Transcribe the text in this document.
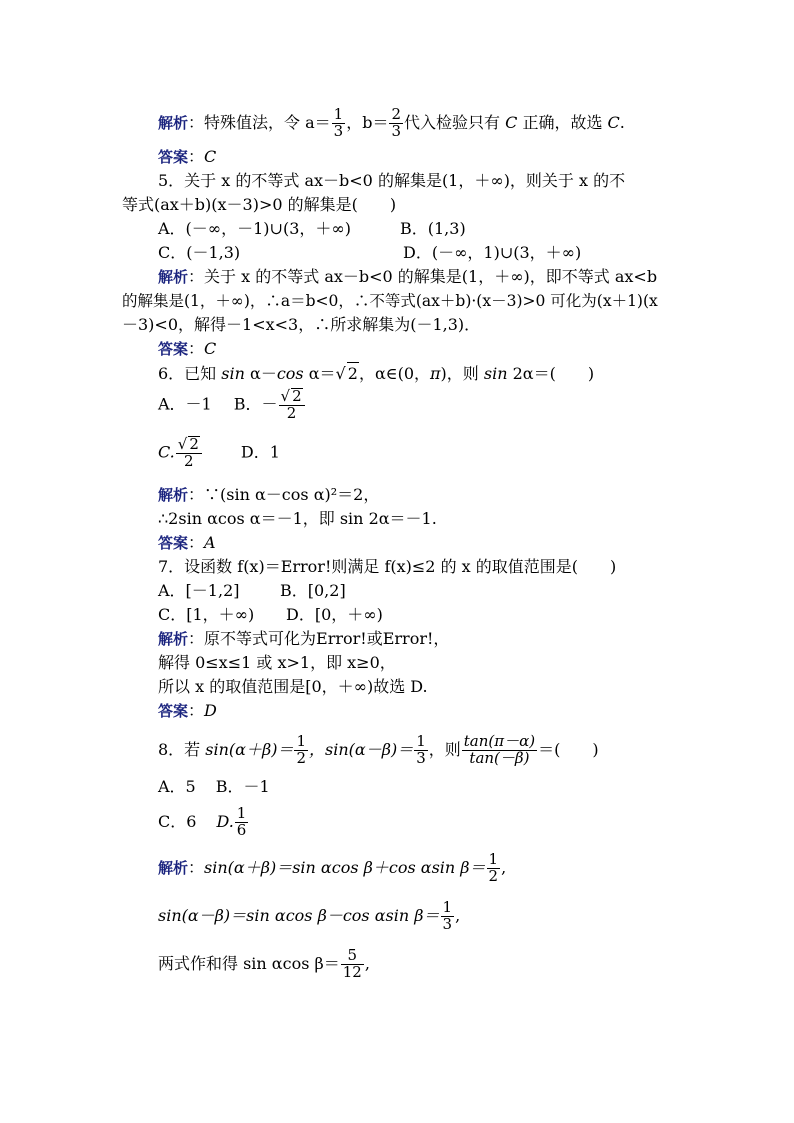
解析：特殊值法，令 $a= \frac{1}{3}$ ，$b= \frac{2}{3}$ 代入检验只有 C 正确，故选 C.
答案：C
5．关于 x 的不等式 ax－b<0 的解集是(1，＋∞)，则关于 x 的不
等式(ax＋b)(x－3)>0 的解集是(　　)
A．(－∞，－1)∪(3，＋∞)	B．(1,3)
C．(－1,3)	D．(－∞，1)∪(3，＋∞)
解析：关于 x 的不等式 ax－b<0 的解集是(1，＋∞)，即不等式 ax<b
的解集是(1，＋∞)，∴a＝b<0，∴不等式(ax＋b)·(x－3)>0 可化为(x＋1)(x
－3)<0，解得－1<x<3，∴所求解集为(－1,3)．
答案：C
6．已知 sin α－cos α＝√ 2，α∈(0，π)，则 sin 2α＝(　　)
A．－1 B．－ $\frac{√ 2}{2}$
C. $\frac{√ 2}{2}$ D．1
解析：∵(sin α－cos α)²＝2，
∴2sin αcos α＝－1，即 sin 2α＝－1.
答案：A
7．设函数 f(x)＝Error!则满足 f(x)≤2 的 x 的取值范围是(　　)
A．[－1,2]	B．[0,2]
C．[1，＋∞) D．[0，＋∞)
解析：原不等式可化为Error!或Error!，
解得 0≤x≤1 或 x>1，即 x≥0，
所以 x 的取值范围是[0，＋∞)故选 D.
答案：D
8．若 $\sin(\alpha+\beta)= \frac{1}{2}$ ，$\sin(\alpha-\beta)= \frac{1}{3}$ ，则 $\frac{\tan(\pi-\alpha)}{\tan(-\beta)}$ ＝(　　)
A．5 B．－1
C．6 D. $\frac{1}{6}$
解析：sin(α＋β)＝sin αcos β＋cos αsin $\beta= \frac{1}{2}$ ,
sin(α－β)＝sin αcos β－cos αsin $\beta= \frac{1}{3}$ ,
两式作和得 sin αcos $\beta= \frac{5}{12}$ ,
